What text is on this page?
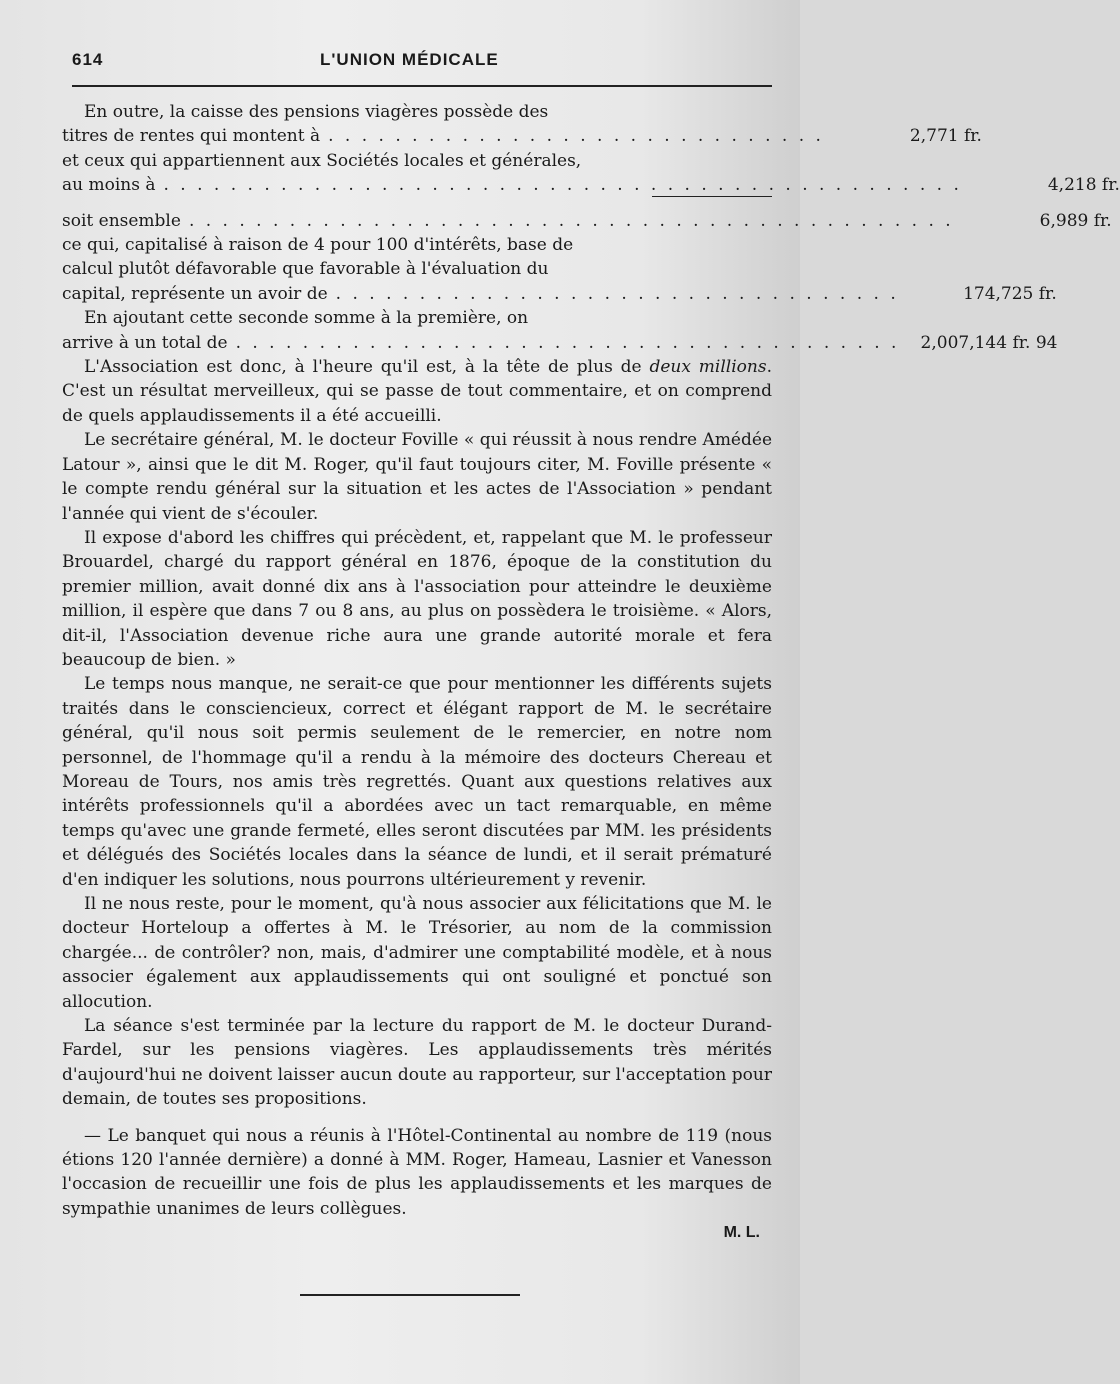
614	L'UNION MÉDICALE
En outre, la caisse des pensions viagères possède des
titres de rentes qui montent à . . . . . . . . . . . . . . . . . . . . . . . . . . . . . .	2,771 fr.
et ceux qui appartiennent aux Sociétés locales et générales,
au moins à . . . . . . . . . . . . . . . . . . . . . . . . . . . . . . . . . . . . . . . . . . . . . . . .	4,218 fr.
soit ensemble . . . . . . . . . . . . . . . . . . . . . . . . . . . . . . . . . . . . . . . . . . . . . .	6,989 fr.
ce qui, capitalisé à raison de 4 pour 100 d'intérêts, base de
calcul plutôt défavorable que favorable à l'évaluation du
capital, représente un avoir de . . . . . . . . . . . . . . . . . . . . . . . . . . . . . . . . . .	174,725 fr.
En ajoutant cette seconde somme à la première, on
arrive à un total de . . . . . . . . . . . . . . . . . . . . . . . . . . . . . . . . . . . . . . . .	2,007,144 fr. 94

L'Association est donc, à l'heure qu'il est, à la tête de plus de deux millions. C'est un résultat merveilleux, qui se passe de tout commentaire, et on comprend de quels applaudissements il a été accueilli.

Le secrétaire général, M. le docteur Foville « qui réussit à nous rendre Amédée Latour », ainsi que le dit M. Roger, qu'il faut toujours citer, M. Foville présente « le compte rendu général sur la situation et les actes de l'Association » pendant l'année qui vient de s'écouler.

Il expose d'abord les chiffres qui précèdent, et, rappelant que M. le professeur Brouardel, chargé du rapport général en 1876, époque de la constitution du premier million, avait donné dix ans à l'association pour atteindre le deuxième million, il espère que dans 7 ou 8 ans, au plus on possèdera le troisième. « Alors, dit-il, l'Association devenue riche aura une grande autorité morale et fera beaucoup de bien. »

Le temps nous manque, ne serait-ce que pour mentionner les différents sujets traités dans le consciencieux, correct et élégant rapport de M. le secrétaire général, qu'il nous soit permis seulement de le remercier, en notre nom personnel, de l'hommage qu'il a rendu à la mémoire des docteurs Chereau et Moreau de Tours, nos amis très regrettés. Quant aux questions relatives aux intérêts professionnels qu'il a abordées avec un tact remarquable, en même temps qu'avec une grande fermeté, elles seront discutées par MM. les présidents et délégués des Sociétés locales dans la séance de lundi, et il serait prématuré d'en indiquer les solutions, nous pourrons ultérieurement y revenir.

Il ne nous reste, pour le moment, qu'à nous associer aux félicitations que M. le docteur Horteloup a offertes à M. le Trésorier, au nom de la commission chargée... de contrôler? non, mais, d'admirer une comptabilité modèle, et à nous associer également aux applaudissements qui ont souligné et ponctué son allocution.

La séance s'est terminée par la lecture du rapport de M. le docteur Durand-Fardel, sur les pensions viagères. Les applaudissements très mérités d'aujourd'hui ne doivent laisser aucun doute au rapporteur, sur l'acceptation pour demain, de toutes ses propositions.

— Le banquet qui nous a réunis à l'Hôtel-Continental au nombre de 119 (nous étions 120 l'année dernière) a donné à MM. Roger, Hameau, Lasnier et Vanesson l'occasion de recueillir une fois de plus les applaudissements et les marques de sympathie unanimes de leurs collègues.

M. L.
